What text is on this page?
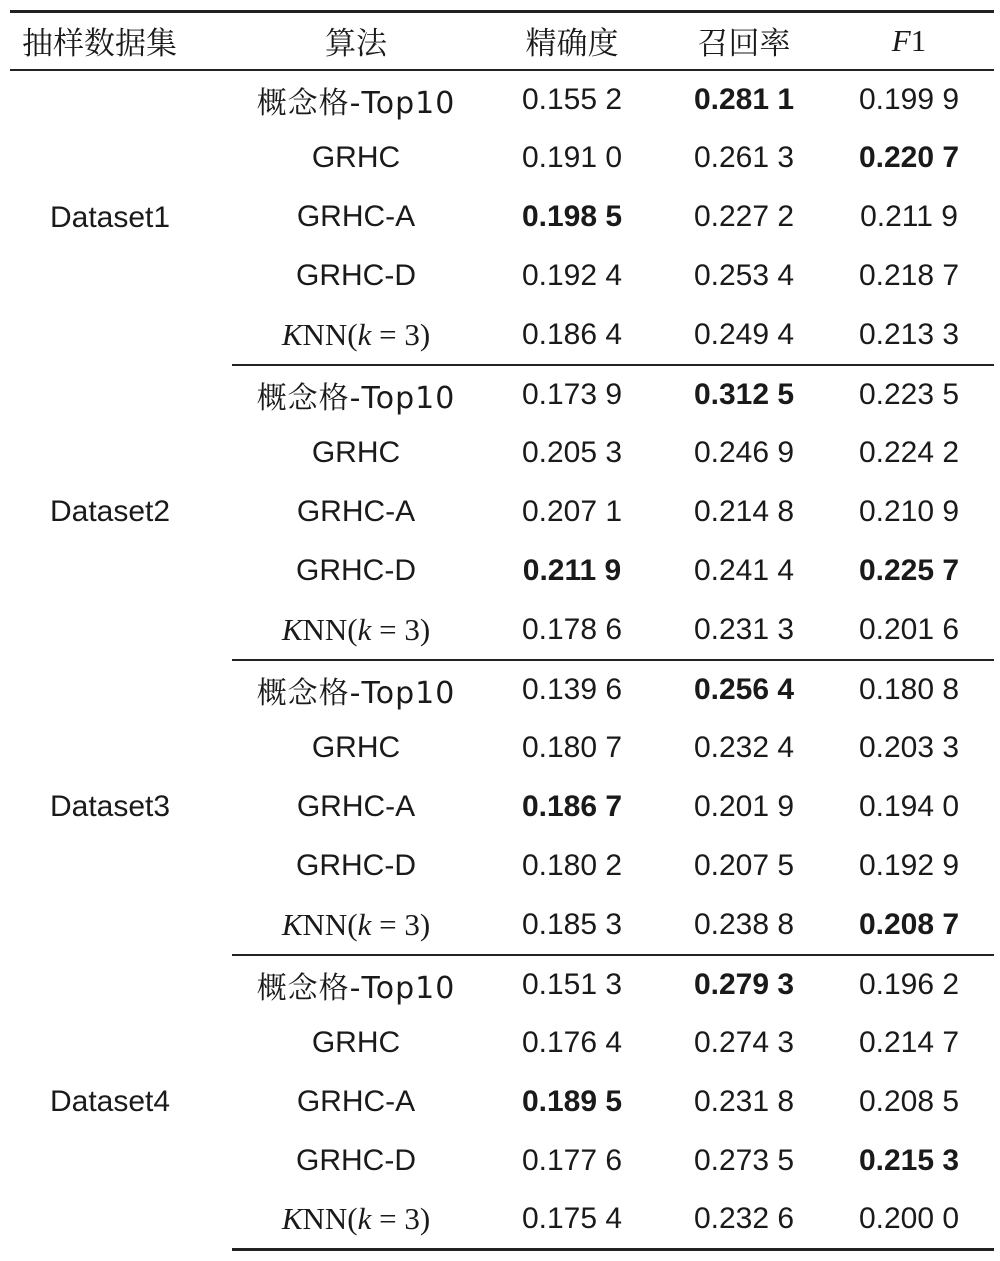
抽样数据集	算法	精确度	召回率	F1
Dataset1	概念格-Top10	0.155 2	0.281 1	0.199 9
	GRHC	0.191 0	0.261 3	0.220 7
	GRHC-A	0.198 5	0.227 2	0.211 9
	GRHC-D	0.192 4	0.253 4	0.218 7
	KNN(k = 3)	0.186 4	0.249 4	0.213 3
Dataset2	概念格-Top10	0.173 9	0.312 5	0.223 5
	GRHC	0.205 3	0.246 9	0.224 2
	GRHC-A	0.207 1	0.214 8	0.210 9
	GRHC-D	0.211 9	0.241 4	0.225 7
	KNN(k = 3)	0.178 6	0.231 3	0.201 6
Dataset3	概念格-Top10	0.139 6	0.256 4	0.180 8
	GRHC	0.180 7	0.232 4	0.203 3
	GRHC-A	0.186 7	0.201 9	0.194 0
	GRHC-D	0.180 2	0.207 5	0.192 9
	KNN(k = 3)	0.185 3	0.238 8	0.208 7
Dataset4	概念格-Top10	0.151 3	0.279 3	0.196 2
	GRHC	0.176 4	0.274 3	0.214 7
	GRHC-A	0.189 5	0.231 8	0.208 5
	GRHC-D	0.177 6	0.273 5	0.215 3
	KNN(k = 3)	0.175 4	0.232 6	0.200 0
